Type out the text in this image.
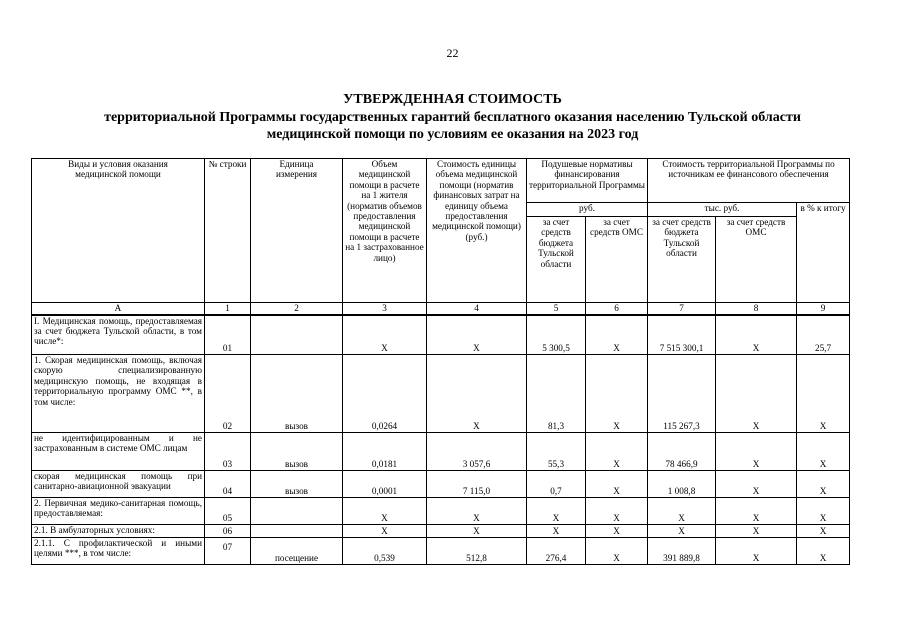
22
УТВЕРЖДЕННАЯ СТОИМОСТЬ
территориальной Программы государственных гарантий бесплатного оказания населению Тульской области
медицинской помощи по условиям ее оказания на 2023 год
Виды и условия оказания медицинской помощи	№ строки	Единица измерения	Объем медицинской помощи в расчете на 1 жителя (норматив объемов предоставления медицинской помощи в расчете на 1 застрахованное лицо)	Стоимость единицы объема медицинской помощи (норматив финансовых затрат на единицу объема предоставления медицинской помощи) (руб.)	Подушевые нормативы финансирования территориальной Программы		Стоимость территориальной Программы по источникам ее финансового обеспечения		
					руб.		тыс. руб.		в % к итогу
					за счет средств бюджета Тульской области	за счет средств ОМС	за счет средств бюджета Тульской области	за счет средств ОМС	
А	1	2	3	4	5	6	7	8	9
I. Медицинская помощь, предоставляемая за счет бюджета Тульской области, в том числе*:	01		Х	Х	5 300,5	Х	7 515 300,1	Х	25,7
1. Скорая медицинская помощь, включая скорую специализированную медицинскую помощь, не входящая в территориальную программу ОМС **, в том числе:	02	вызов	0,0264	Х	81,3	Х	115 267,3	Х	Х
не идентифицированным и не застрахованным в системе ОМС лицам	03	вызов	0,0181	3 057,6	55,3	Х	78 466,9	Х	Х
скорая медицинская помощь при санитарно-авиационной эвакуации	04	вызов	0,0001	7 115,0	0,7	Х	1 008,8	Х	Х
2. Первичная медико-санитарная помощь, предоставляемая:	05		Х	Х	Х	Х	Х	Х	Х
2.1. В амбулаторных условиях:	06		Х	Х	Х	Х	Х	Х	Х
2.1.1. С профилактической и иными целями ***, в том числе:	07	посещение	0,539	512,8	276,4	Х	391 889,8	Х	Х
